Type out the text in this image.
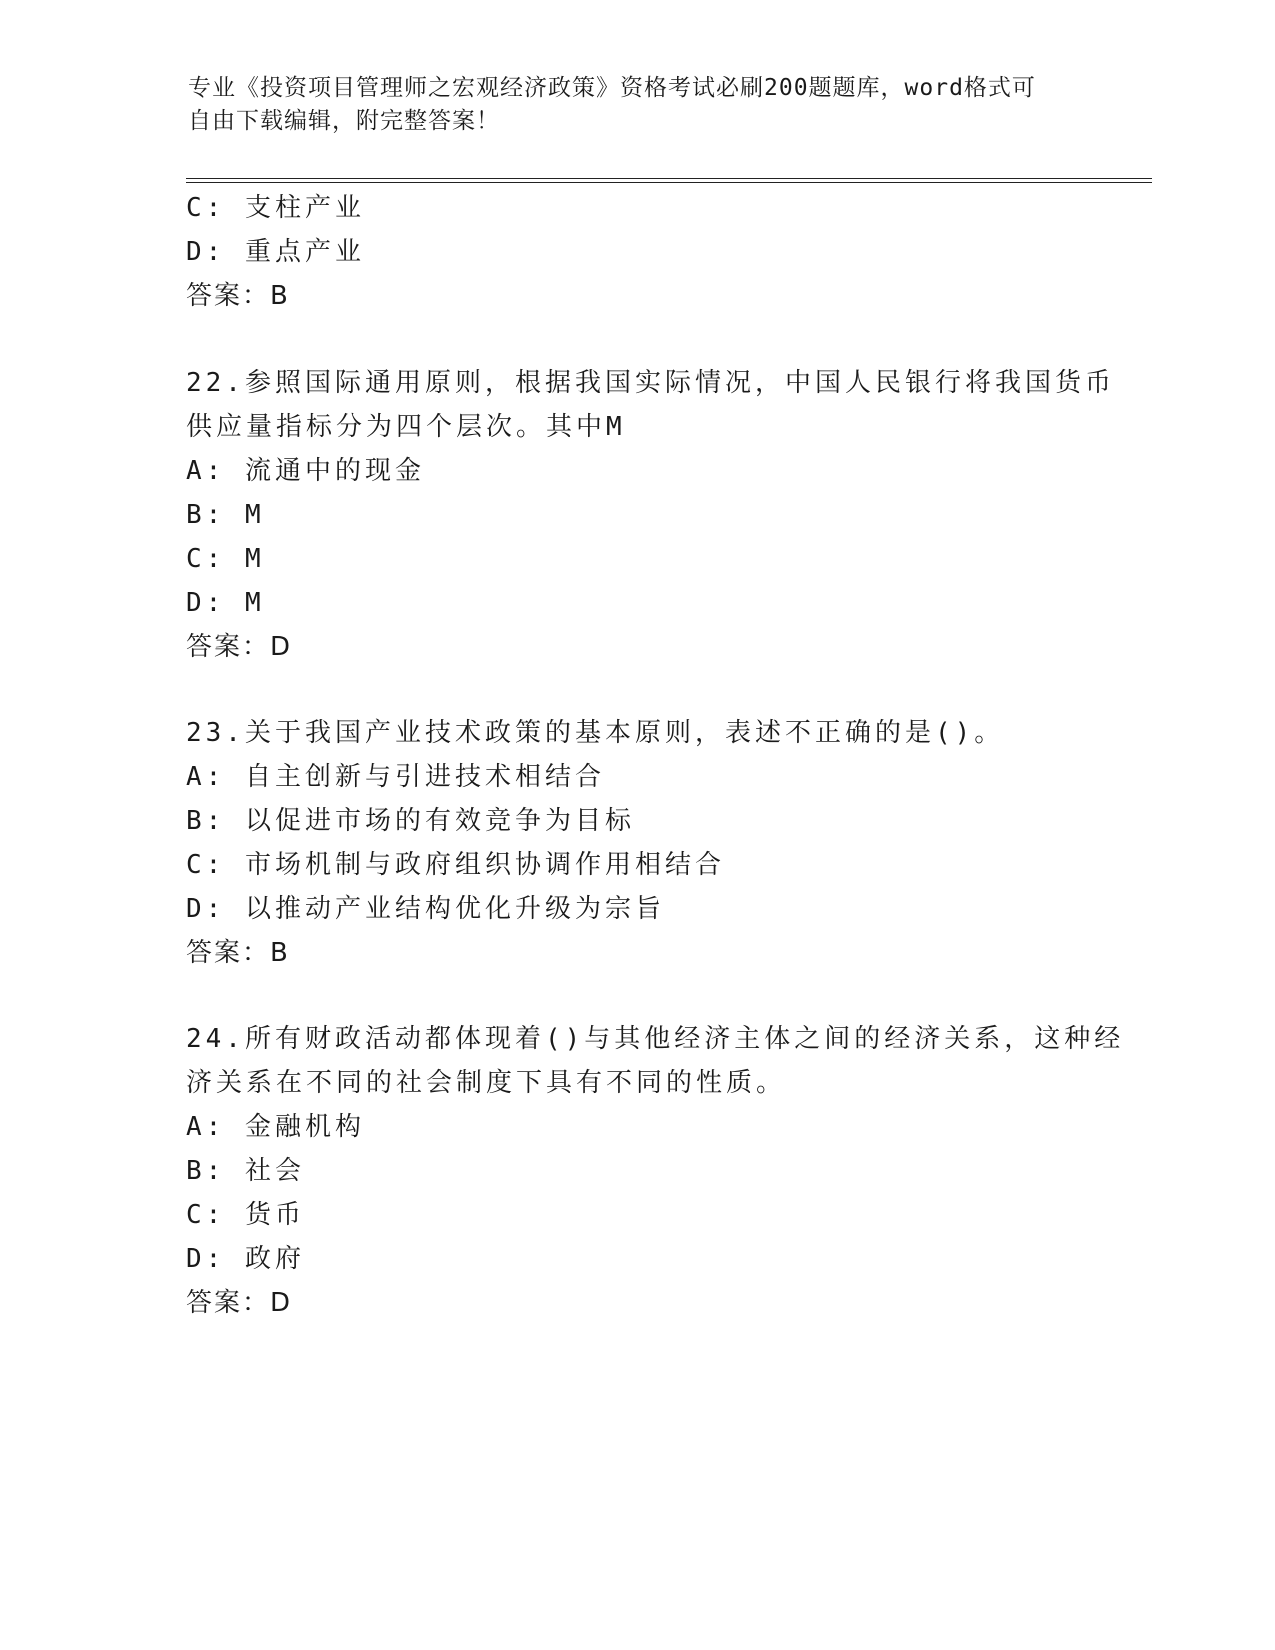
专业《投资项目管理师之宏观经济政策》资格考试必刷200题题库，word格式可
自由下载编辑，附完整答案！
C: 支柱产业
D: 重点产业
答案：B
22.参照国际通用原则，根据我国实际情况，中国人民银行将我国货币
供应量指标分为四个层次。其中M
A: 流通中的现金
B: M
C: M
D: M
答案：D
23.关于我国产业技术政策的基本原则，表述不正确的是()。
A: 自主创新与引进技术相结合
B: 以促进市场的有效竞争为目标
C: 市场机制与政府组织协调作用相结合
D: 以推动产业结构优化升级为宗旨
答案：B
24.所有财政活动都体现着()与其他经济主体之间的经济关系，这种经
济关系在不同的社会制度下具有不同的性质。
A: 金融机构
B: 社会
C: 货币
D: 政府
答案：D
